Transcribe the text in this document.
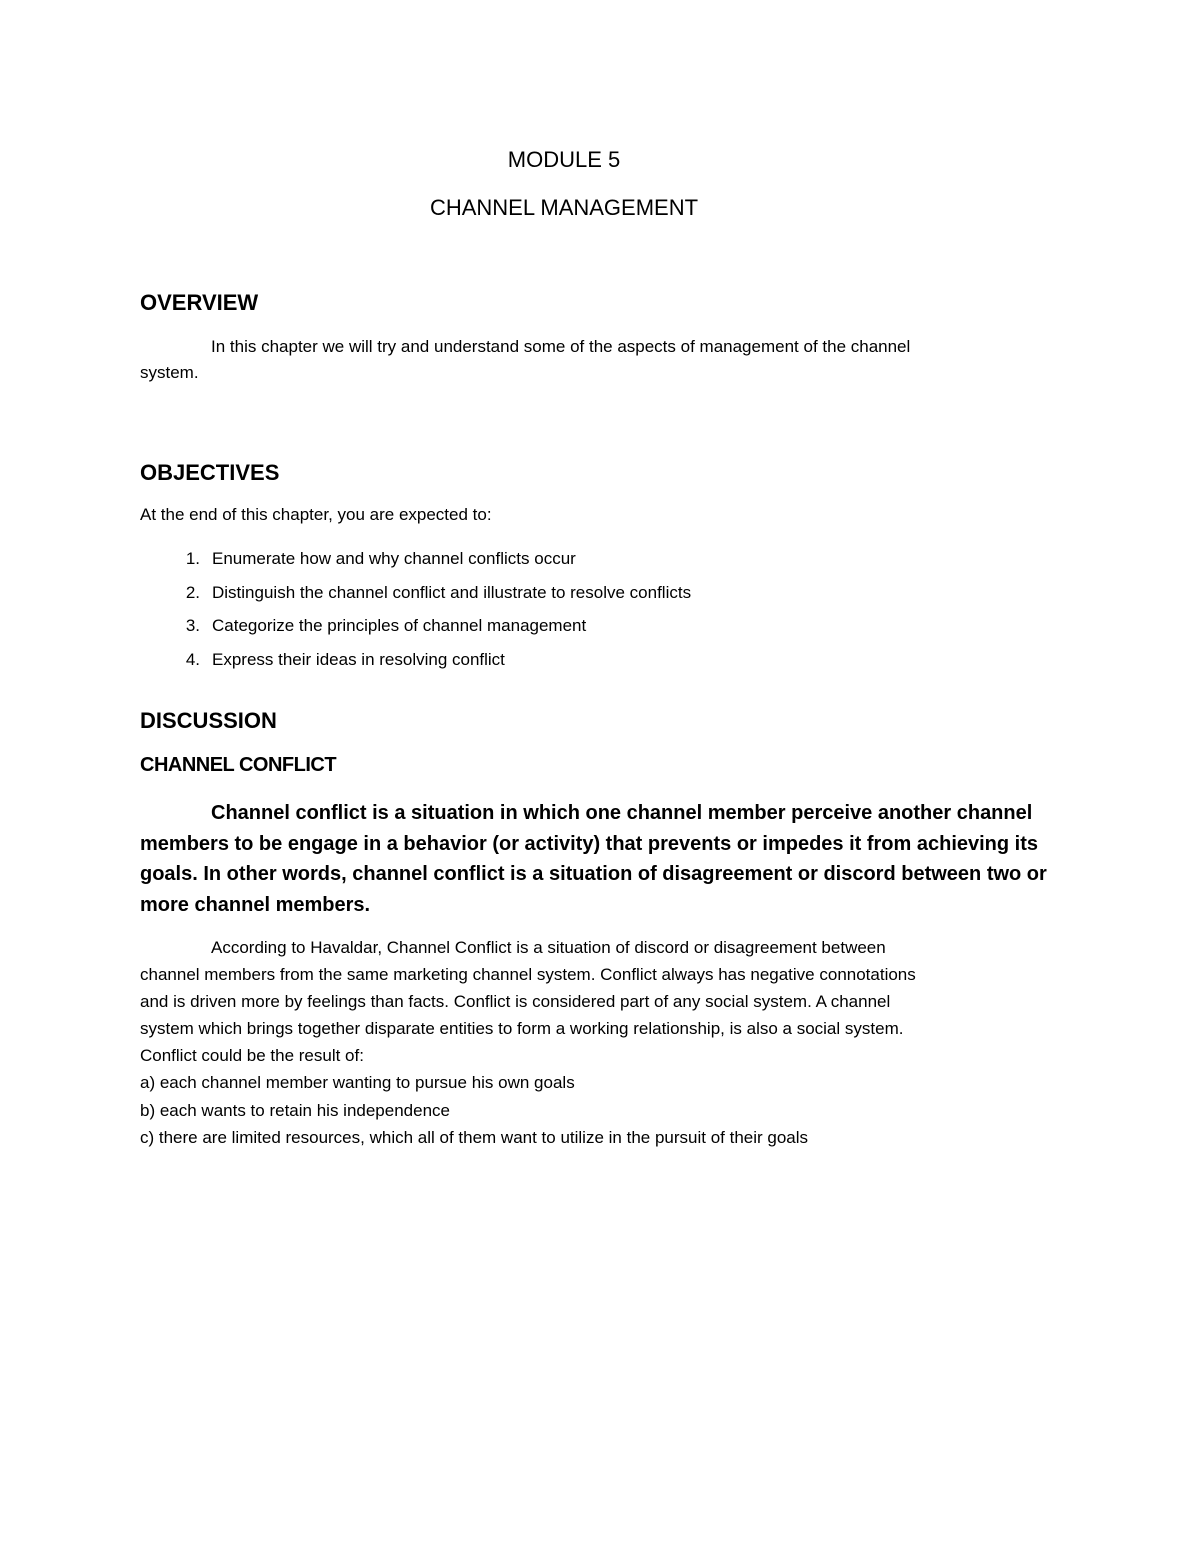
MODULE 5
CHANNEL MANAGEMENT
OVERVIEW
In this chapter we will try and understand some of the aspects of management of the channel
system.
OBJECTIVES
At the end of this chapter, you are expected to:
1. Enumerate how and why channel conflicts occur
2. Distinguish the channel conflict and illustrate to resolve conflicts
3. Categorize the principles of channel management
4. Express their ideas in resolving conflict
DISCUSSION
CHANNEL CONFLICT
Channel conflict is a situation in which one channel member perceive another channel
members to be engage in a behavior (or activity) that prevents or impedes it from achieving its
goals. In other words, channel conflict is a situation of disagreement or discord between two or
more channel members.
According to Havaldar, Channel Conflict is a situation of discord or disagreement between
channel members from the same marketing channel system. Conflict always has negative connotations
and is driven more by feelings than facts. Conflict is considered part of any social system. A channel
system which brings together disparate entities to form a working relationship, is also a social system.
Conflict could be the result of:
a) each channel member wanting to pursue his own goals
b) each wants to retain his independence
c) there are limited resources, which all of them want to utilize in the pursuit of their goals
